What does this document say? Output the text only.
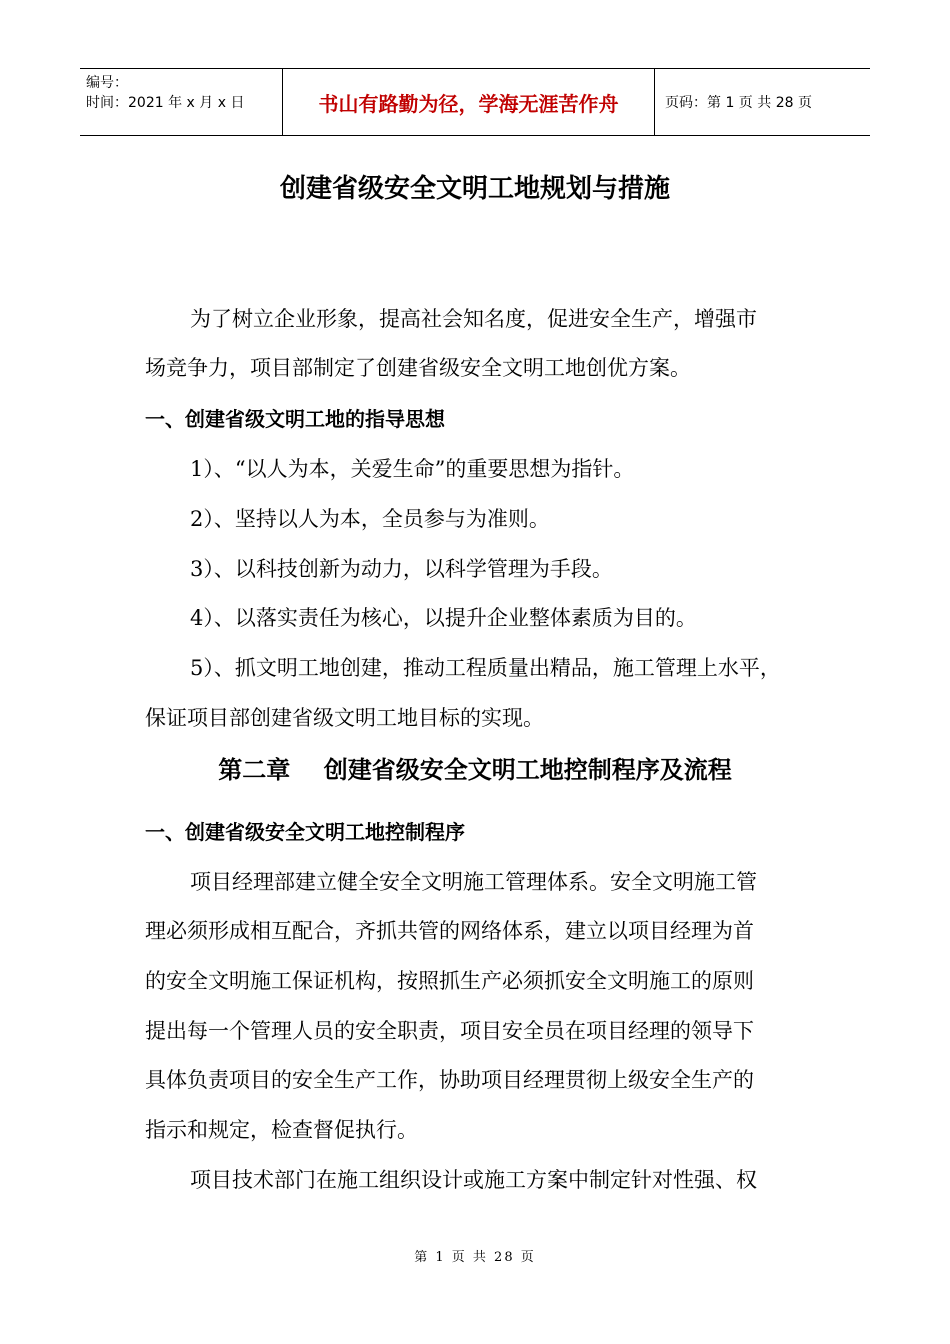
编号：
时间：2021 年 x 月 x 日	书山有路勤为径，学海无涯苦作舟	页码：第 1 页 共 28 页
创建省级安全文明工地规划与措施
为了树立企业形象，提高社会知名度，促进安全生产，增强市
场竞争力，项目部制定了创建省级安全文明工地创优方案。
一、创建省级文明工地的指导思想
1）、“以人为本，关爱生命”的重要思想为指针。
2）、坚持以人为本，全员参与为准则。
3）、以科技创新为动力，以科学管理为手段。
4）、以落实责任为核心，以提升企业整体素质为目的。
5）、抓文明工地创建，推动工程质量出精品，施工管理上水平，
保证项目部创建省级文明工地目标的实现。
第二章    创建省级安全文明工地控制程序及流程
一、创建省级安全文明工地控制程序
项目经理部建立健全安全文明施工管理体系。安全文明施工管
理必须形成相互配合，齐抓共管的网络体系，建立以项目经理为首
的安全文明施工保证机构，按照抓生产必须抓安全文明施工的原则
提出每一个管理人员的安全职责，项目安全员在项目经理的领导下
具体负责项目的安全生产工作，协助项目经理贯彻上级安全生产的
指示和规定，检查督促执行。
项目技术部门在施工组织设计或施工方案中制定针对性强、权
第 1 页 共 28 页
